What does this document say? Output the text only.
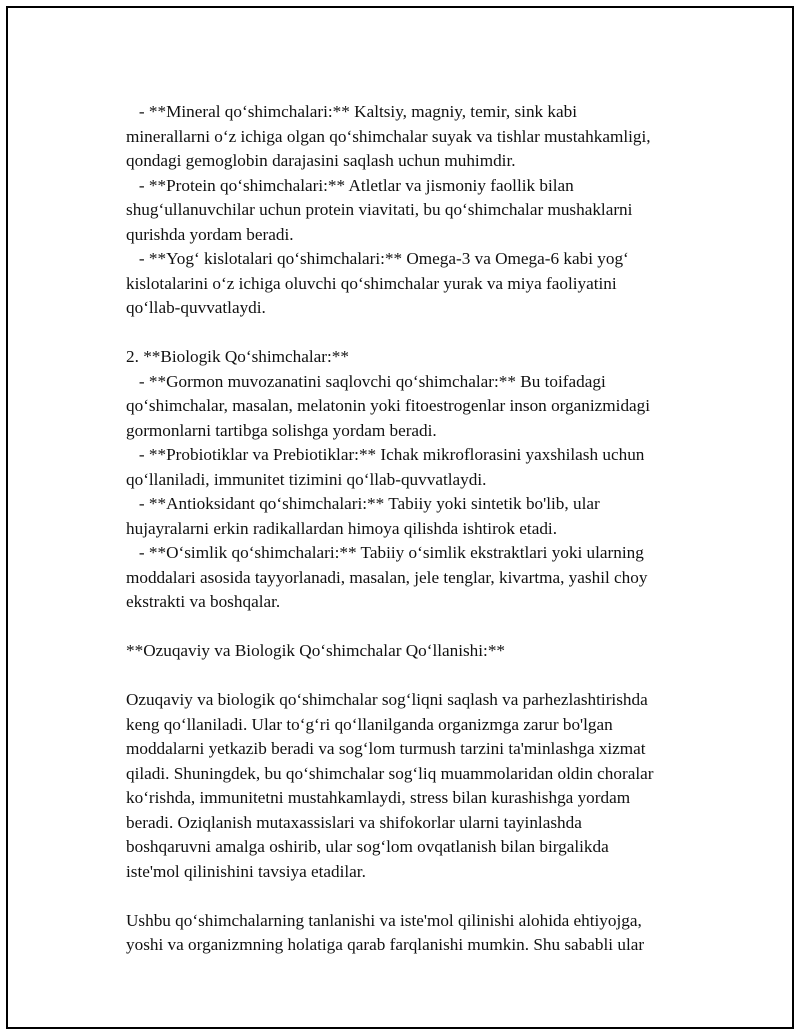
- **Mineral qo‘shimchalari:** Kaltsiy, magniy, temir, sink kabi
minerallarni o‘z ichiga olgan qo‘shimchalar suyak va tishlar mustahkamligi,
qondagi gemoglobin darajasini saqlash uchun muhimdir.
- **Protein qo‘shimchalari:** Atletlar va jismoniy faollik bilan
shug‘ullanuvchilar uchun protein viavitati, bu qo‘shimchalar mushaklarni
qurishda yordam beradi.
- **Yog‘ kislotalari qo‘shimchalari:** Omega-3 va Omega-6 kabi yog‘
kislotalarini o‘z ichiga oluvchi qo‘shimchalar yurak va miya faoliyatini
qo‘llab-quvvatlaydi.
2. **Biologik Qo‘shimchalar:**
- **Gormon muvozanatini saqlovchi qo‘shimchalar:** Bu toifadagi
qo‘shimchalar, masalan, melatonin yoki fitoestrogenlar inson organizmidagi
gormonlarni tartibga solishga yordam beradi.
- **Probiotiklar va Prebiotiklar:** Ichak mikroflorasini yaxshilash uchun
qo‘llaniladi, immunitet tizimini qo‘llab-quvvatlaydi.
- **Antioksidant qo‘shimchalari:** Tabiiy yoki sintetik bo'lib, ular
hujayralarni erkin radikallardan himoya qilishda ishtirok etadi.
- **O‘simlik qo‘shimchalari:** Tabiiy o‘simlik ekstraktlari yoki ularning
moddalari asosida tayyorlanadi, masalan, jele tenglar, kivartma, yashil choy
ekstrakti va boshqalar.
**Ozuqaviy va Biologik Qo‘shimchalar Qo‘llanishi:**
Ozuqaviy va biologik qo‘shimchalar sog‘liqni saqlash va parhezlashtirishda
keng qo‘llaniladi. Ular to‘g‘ri qo‘llanilganda organizmga zarur bo'lgan
moddalarni yetkazib beradi va sog‘lom turmush tarzini ta'minlashga xizmat
qiladi. Shuningdek, bu qo‘shimchalar sog‘liq muammolaridan oldin choralar
ko‘rishda, immunitetni mustahkamlaydi, stress bilan kurashishga yordam
beradi. Oziqlanish mutaxassislari va shifokorlar ularni tayinlashda
boshqaruvni amalga oshirib, ular sog‘lom ovqatlanish bilan birgalikda
iste'mol qilinishini tavsiya etadilar.
Ushbu qo‘shimchalarning tanlanishi va iste'mol qilinishi alohida ehtiyojga,
yoshi va organizmning holatiga qarab farqlanishi mumkin. Shu sababli ular
